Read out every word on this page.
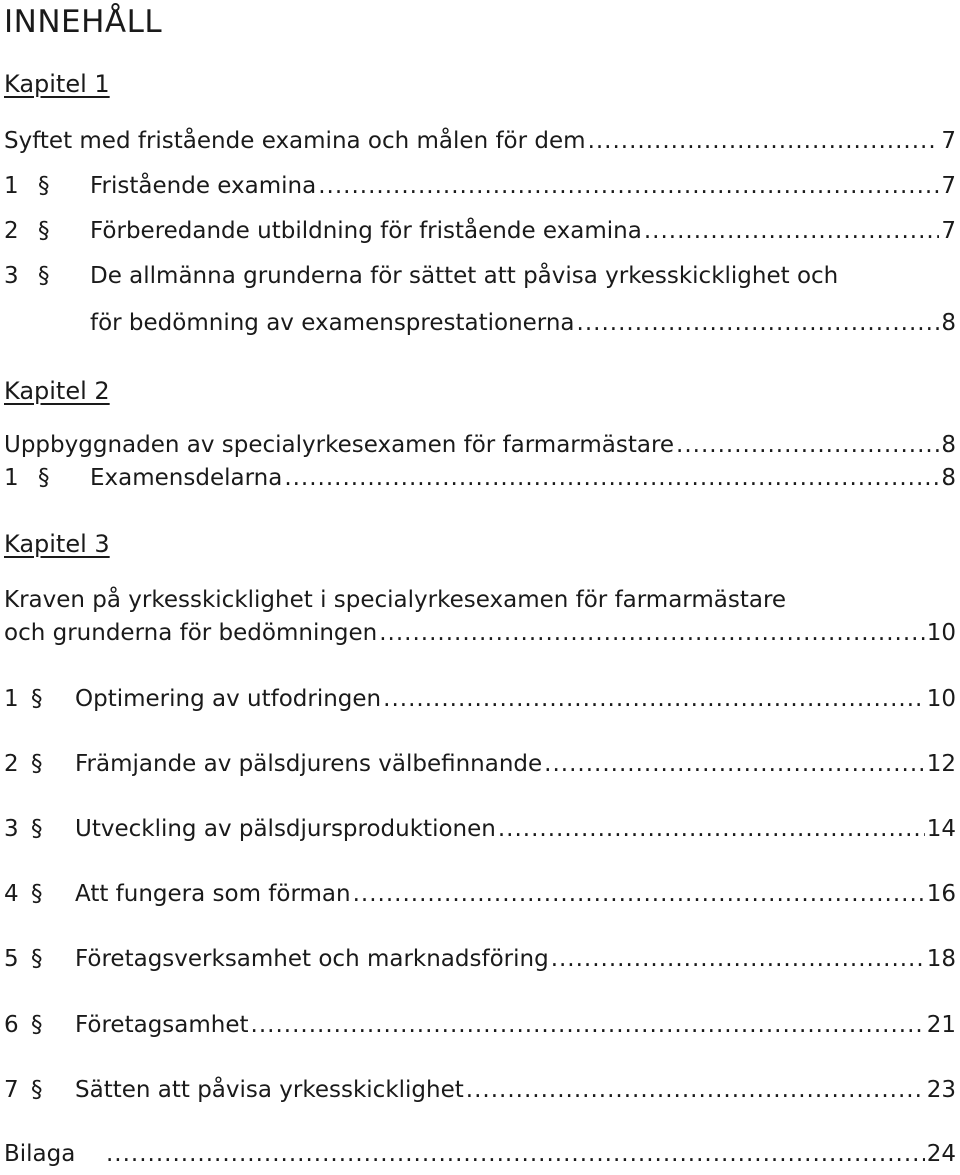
INNEHÅLL
Kapitel 1
Syftet med fristående examina och målen för dem .....	7
1 §	Fristående examina .....	7
2 §	Förberedande utbildning för fristående examina .....	7
3 § De allmänna grunderna för sättet att påvisa yrkesskicklighet och
för bedömning av examensprestationerna .....	8
Kapitel 2
Uppbyggnaden av specialyrkesexamen för farmarmästare .....	8
1 §	Examensdelarna .....	8
Kapitel 3
Kraven på yrkesskicklighet i specialyrkesexamen för farmarmästare
och grunderna för bedömningen .....	10
1 §	Optimering av utfodringen .....	10
2 §	Främjande av pälsdjurens välbefinnande .....	12
3 §	Utveckling av pälsdjursproduktionen .....	14
4 §	Att fungera som förman .....	16
5 §	Företagsverksamhet och marknadsföring .....	18
6 §	Företagsamhet .....	21
7 §	Sätten att påvisa yrkesskicklighet .....	23
Bilaga .....	24
